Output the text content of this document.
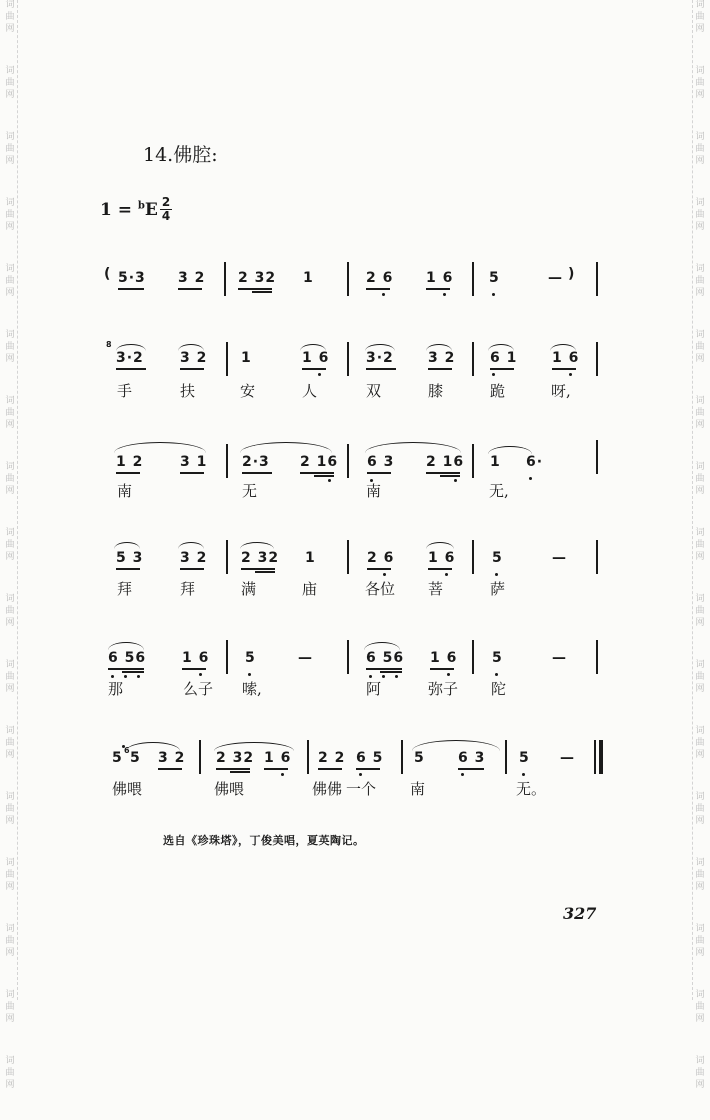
词
曲
网
词
曲
网
词
曲
网
词
曲
网
词
曲
网
词
曲
网
词
曲
网
词
曲
网
词
曲
网
词
曲
网
词
曲
网
词
曲
网
词
曲
网
词
曲
网
词
曲
网
词
曲
网
词
曲
网
词
曲
网
词
曲
网
词
曲
网
词
曲
网
词
曲
网
词
曲
网
词
曲
网
词
曲
网
词
曲
网
词
曲
网
词
曲
网
词
曲
网
词
曲
网
词
曲
网
词
曲
网
词
曲
网
词
曲
网
14.佛腔:
1 = $^b$E 2
4
( 5·3 3 2 2 32 1	2 6 1 6	5	— )
8
3·2	3 2 1	1 6	3·2 3 2 6 1 1 6
手	扶	安	人	双	膝	跪	呀,
1 2	3 1 2·3 2 16 6 3 2 16 1 6·
南	无	南	无,
5 3	3 2 2 32 1	2 6 1 6	5	—
拜	拜	满	庙	各位 菩	萨
6 56	1 6	5	—	6 56 1 6 5	—
那	么子 嗦,	阿	弥子 陀
5 6 5 3 2 2 32 1 6 2 2 6 5 5 6 3 5 —
佛喂	佛喂	佛佛 一个 南	无。
选自《珍珠塔》，丁俊美唱，夏英陶记。
327
